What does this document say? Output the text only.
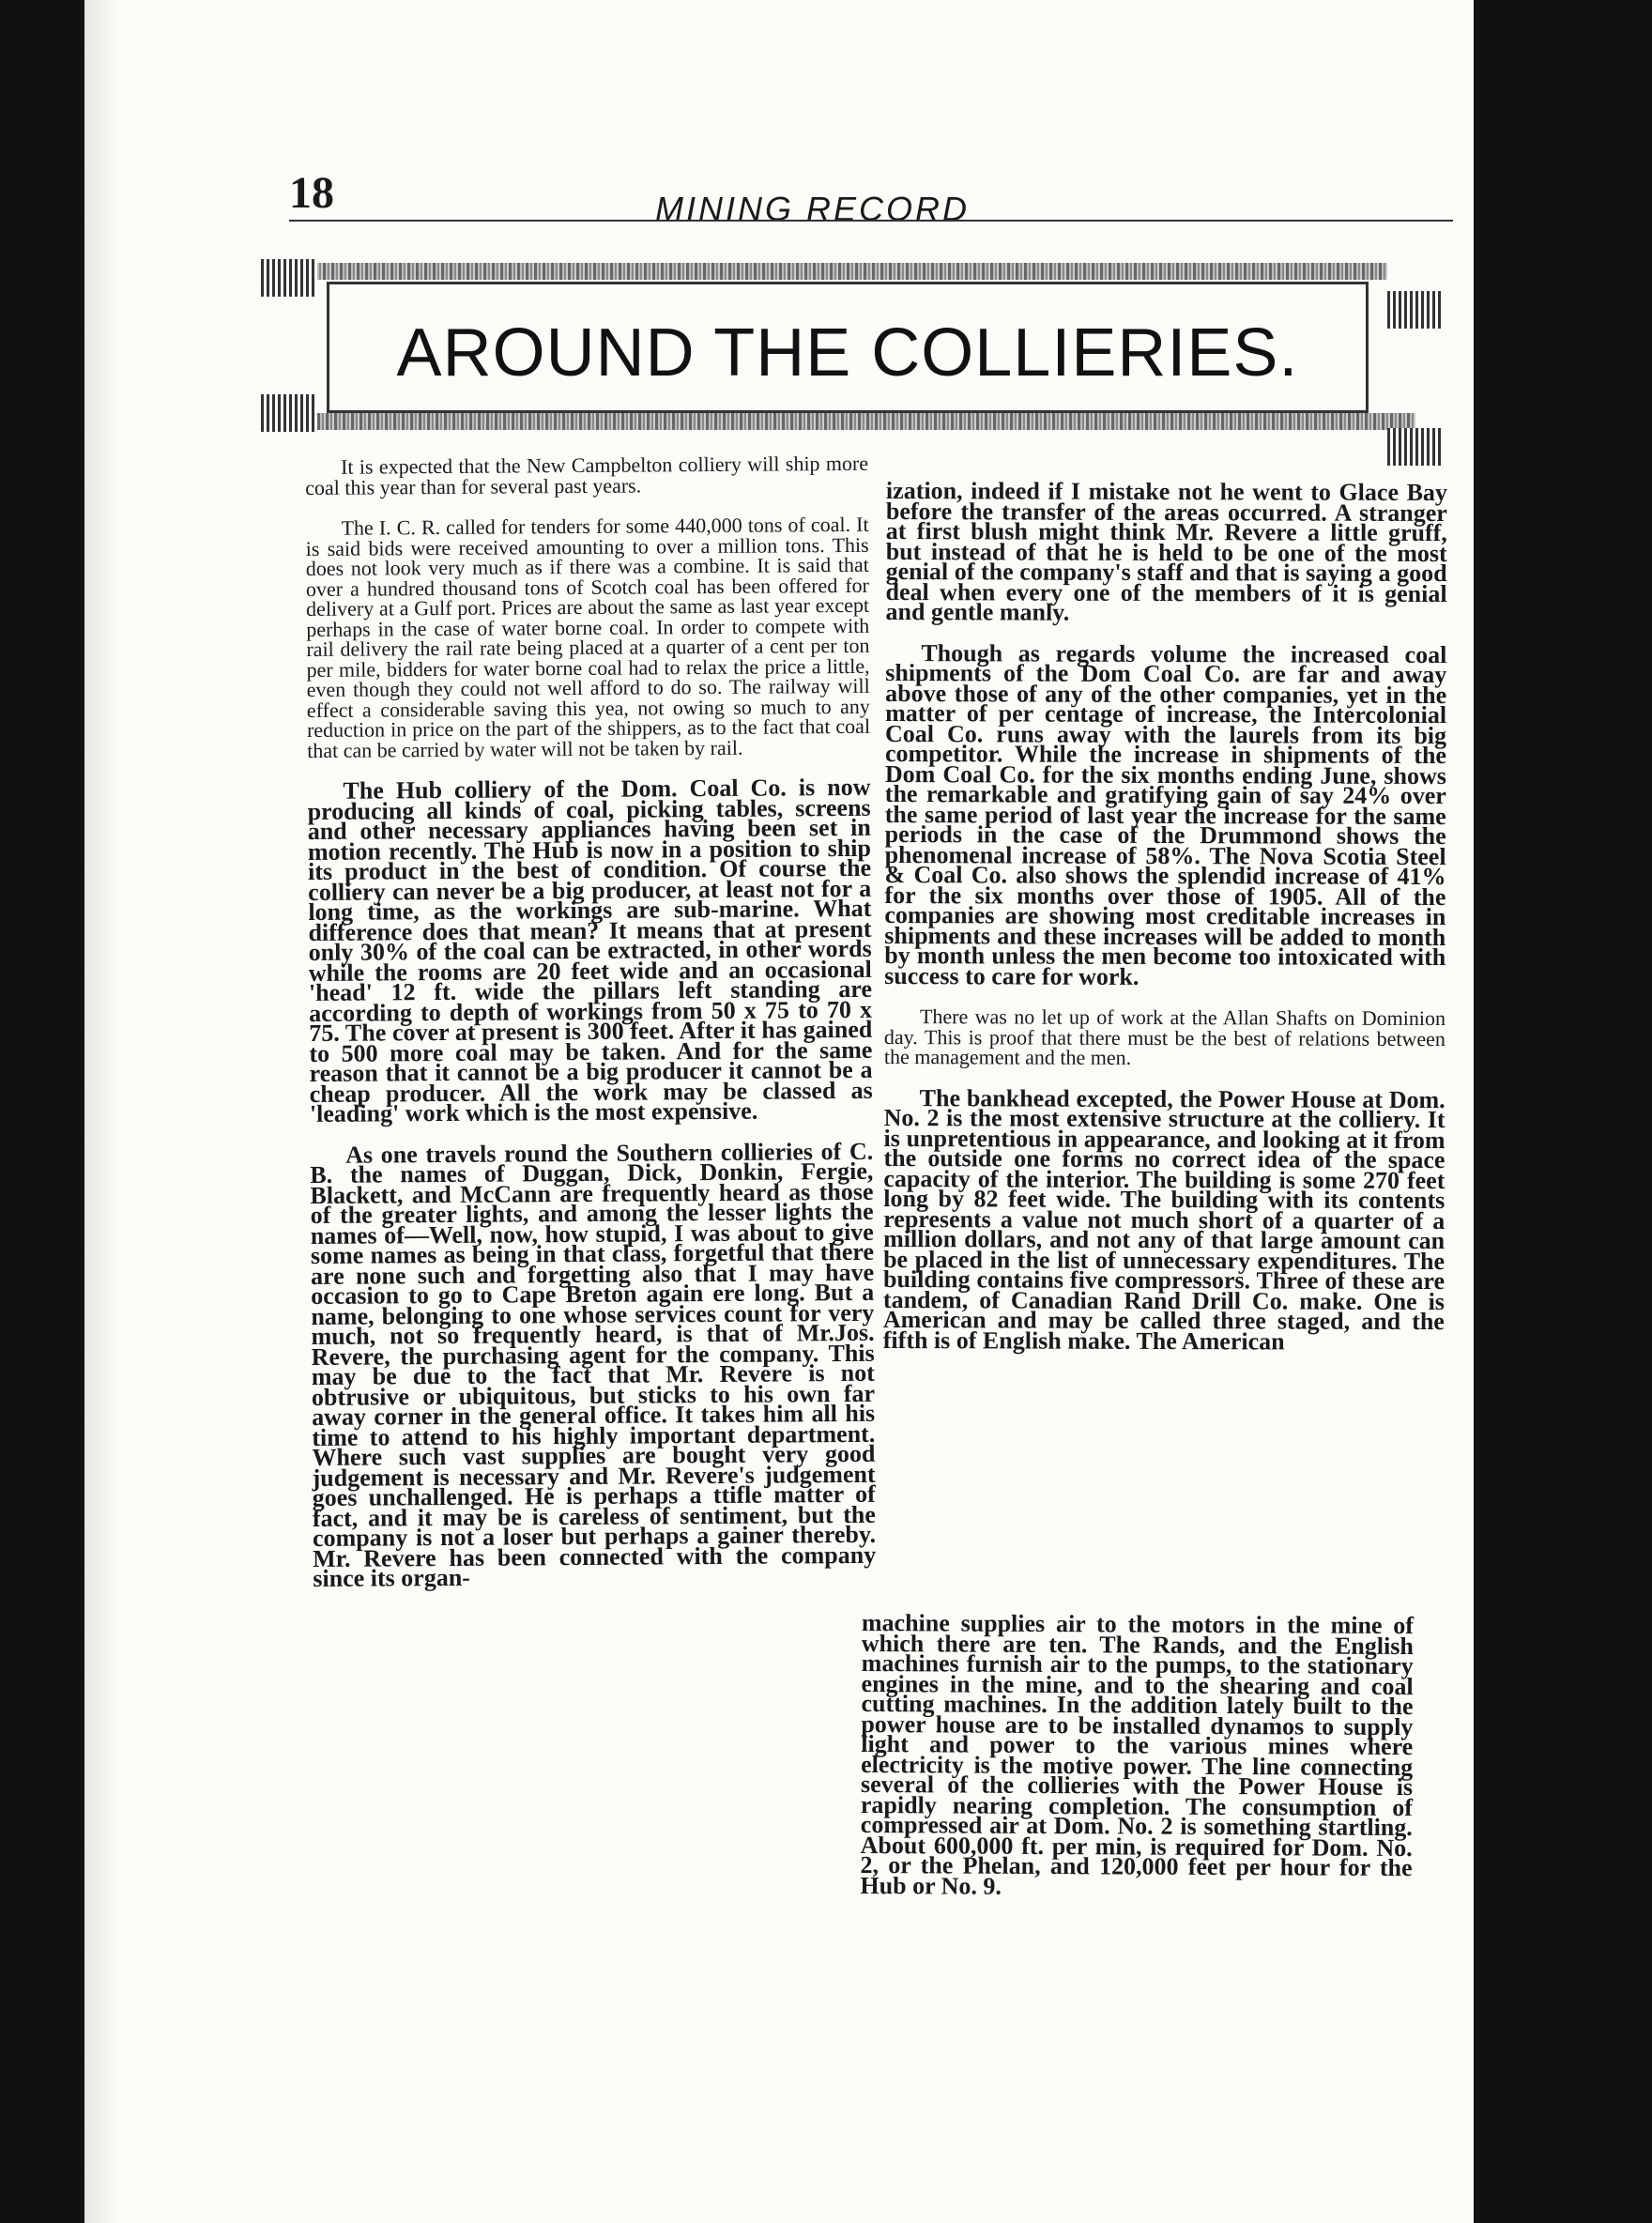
18	MINING RECORD
AROUND THE COLLIERIES.

It is expected that the New Campbelton colliery will ship more coal this year than for several past years.

The I. C. R. called for tenders for some 440,000 tons of coal. It is said bids were received amounting to over a million tons. This does not look very much as if there was a combine. It is said that over a hundred thousand tons of Scotch coal has been offered for delivery at a Gulf port. Prices are about the same as last year except perhaps in the case of water borne coal. In order to compete with rail delivery the rail rate being placed at a quarter of a cent per ton per mile, bidders for water borne coal had to relax the price a little, even though they could not well afford to do so. The railway will effect a considerable saving this yea, not owing so much to any reduction in price on the part of the shippers, as to the fact that coal that can be carried by water will not be taken by rail.

The Hub colliery of the Dom. Coal Co. is now producing all kinds of coal, picking tables, screens and other necessary appliances having been set in motion recently. The Hub is now in a position to ship its product in the best of condition. Of course the colliery can never be a big producer, at least not for a long time, as the workings are sub-marine. What difference does that mean? It means that at present only 30% of the coal can be extracted, in other words while the rooms are 20 feet wide and an occasional 'head' 12 ft. wide the pillars left standing are according to depth of workings from 50 x 75 to 70 x 75. The cover at present is 300 feet. After it has gained to 500 more coal may be taken. And for the same reason that it cannot be a big producer it cannot be a cheap producer. All the work may be classed as 'leading' work which is the most expensive.

As one travels round the Southern collieries of C. B. the names of Duggan, Dick, Donkin, Fergie, Blackett, and McCann are frequently heard as those of the greater lights, and among the lesser lights the names of—Well, now, how stupid, I was about to give some names as being in that class, forgetful that there are none such and forgetting also that I may have occasion to go to Cape Breton again ere long. But a name, belonging to one whose services count for very much, not so frequently heard, is that of Mr.Jos. Revere, the purchasing agent for the company. This may be due to the fact that Mr. Revere is not obtrusive or ubiquitous, but sticks to his own far away corner in the general office. It takes him all his time to attend to his highly important department. Where such vast supplies are bought very good judgement is necessary and Mr. Revere's judgement goes unchallenged. He is perhaps a ttifle matter of fact, and it may be is careless of sentiment, but the company is not a loser but perhaps a gainer thereby. Mr. Revere has been connected with the company since its organ-

ization, indeed if I mistake not he went to Glace Bay before the transfer of the areas occurred. A stranger at first blush might think Mr. Revere a little gruff, but instead of that he is held to be one of the most genial of the company's staff and that is saying a good deal when every one of the members of it is genial and gentle manly.

Though as regards volume the increased coal shipments of the Dom Coal Co. are far and away above those of any of the other companies, yet in the matter of per centage of increase, the Intercolonial Coal Co. runs away with the laurels from its big competitor. While the increase in shipments of the Dom Coal Co. for the six months ending June, shows the remarkable and gratifying gain of say 24% over the same period of last year the increase for the same periods in the case of the Drummond shows the phenomenal increase of 58%. The Nova Scotia Steel & Coal Co. also shows the splendid increase of 41% for the six months over those of 1905. All of the companies are showing most creditable increases in shipments and these increases will be added to month by month unless the men become too intoxicated with success to care for work.

There was no let up of work at the Allan Shafts on Dominion day. This is proof that there must be the best of relations between the management and the men.

The bankhead excepted, the Power House at Dom. No. 2 is the most extensive structure at the colliery. It is unpretentious in appearance, and looking at it from the outside one forms no correct idea of the space capacity of the interior. The building is some 270 feet long by 82 feet wide. The building with its contents represents a value not much short of a quarter of a million dollars, and not any of that large amount can be placed in the list of unnecessary expenditures. The building contains five compressors. Three of these are tandem, of Canadian Rand Drill Co. make. One is American and may be called three staged, and the fifth is of English make. The American

machine supplies air to the motors in the mine of which there are ten. The Rands, and the English machines furnish air to the pumps, to the stationary engines in the mine, and to the shearing and coal cutting machines. In the addition lately built to the power house are to be installed dynamos to supply light and power to the various mines where electricity is the motive power. The line connecting several of the collieries with the Power House is rapidly nearing completion. The consumption of compressed air at Dom. No. 2 is something startling. About 600,000 ft. per min, is required for Dom. No. 2, or the Phelan, and 120,000 feet per hour for the Hub or No. 9.
